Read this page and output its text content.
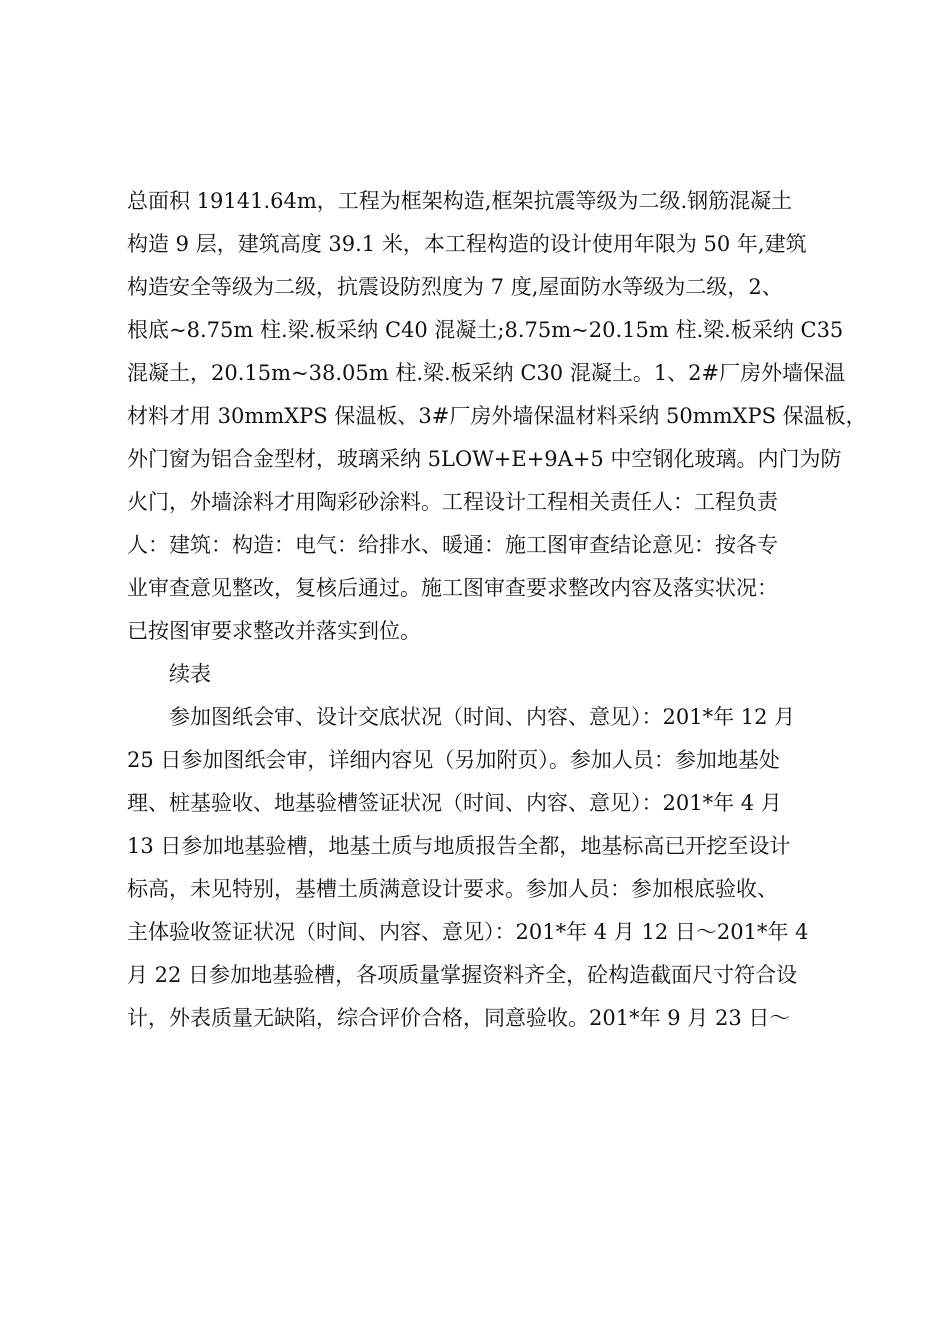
总面积 19141.64m，工程为框架构造,框架抗震等级为二级.钢筋混凝土
构造 9 层，建筑高度 39.1 米，本工程构造的设计使用年限为 50 年,建筑
构造安全等级为二级，抗震设防烈度为 7 度,屋面防水等级为二级，2、
根底~8.75m 柱.梁.板采纳 C40 混凝土;8.75m~20.15m 柱.梁.板采纳 C35
混凝土，20.15m~38.05m 柱.梁.板采纳 C30 混凝土。1、2#厂房外墙保温
材料才用 30mmXPS 保温板、3#厂房外墙保温材料采纳 50mmXPS 保温板，
外门窗为铝合金型材，玻璃采纳 5LOW+E+9A+5 中空钢化玻璃。内门为防
火门，外墙涂料才用陶彩砂涂料。工程设计工程相关责任人：工程负责
人：建筑：构造：电气：给排水、暖通：施工图审查结论意见：按各专
业审查意见整改，复核后通过。施工图审查要求整改内容及落实状况：
已按图审要求整改并落实到位。
续表
参加图纸会审、设计交底状况（时间、内容、意见）：201*年 12 月
25 日参加图纸会审，详细内容见（另加附页）。参加人员：参加地基处
理、桩基验收、地基验槽签证状况（时间、内容、意见）：201*年 4 月
13 日参加地基验槽，地基土质与地质报告全都，地基标高已开挖至设计
标高，未见特别，基槽土质满意设计要求。参加人员：参加根底验收、
主体验收签证状况（时间、内容、意见）：201*年 4 月 12 日～201*年 4
月 22 日参加地基验槽，各项质量掌握资料齐全，砼构造截面尺寸符合设
计，外表质量无缺陷，综合评价合格，同意验收。201*年 9 月 23 日～
